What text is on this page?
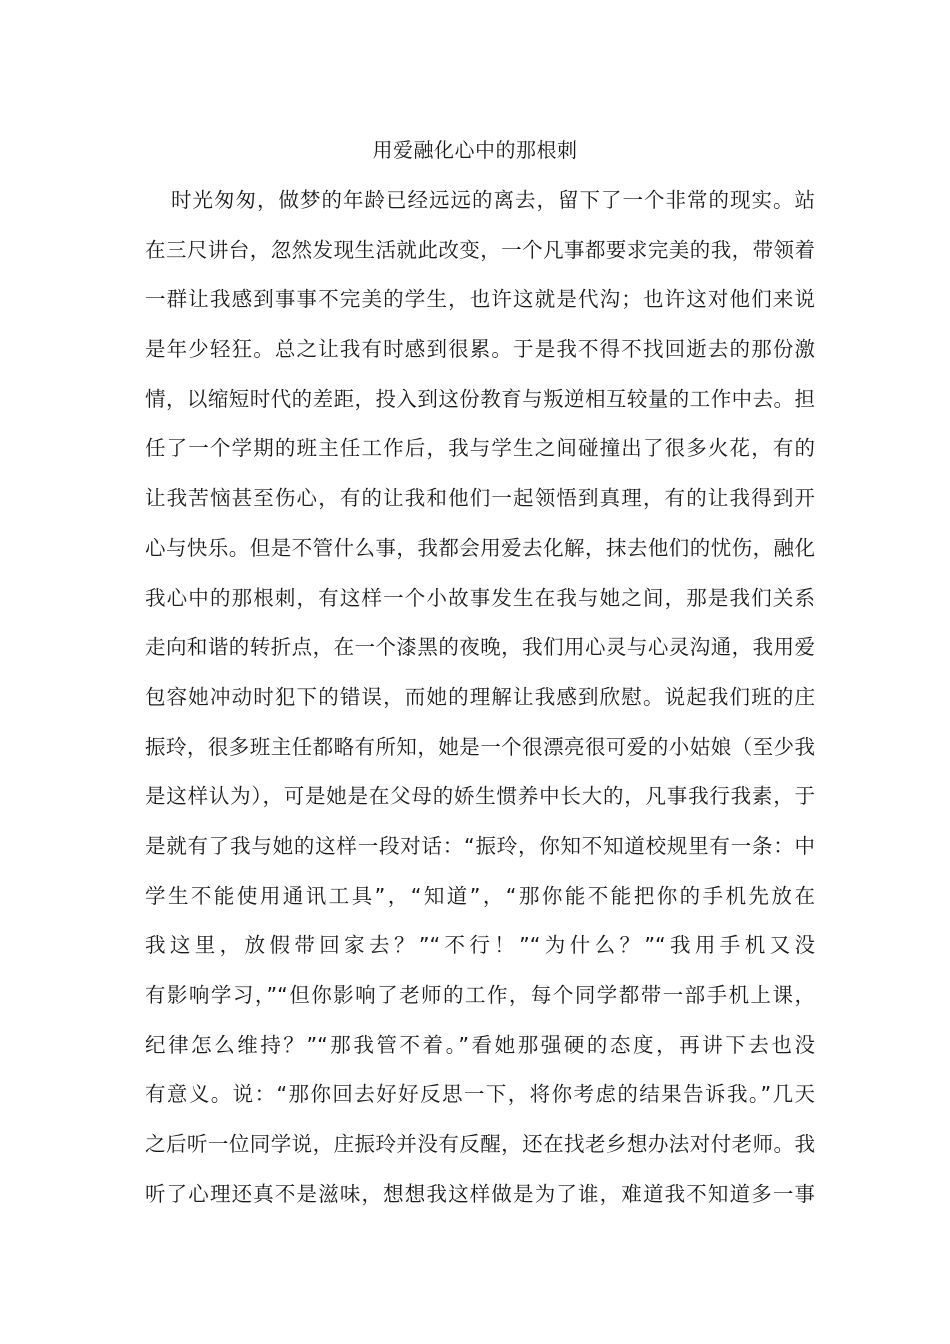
用爱融化心中的那根刺
时光匆匆，做梦的年龄已经远远的离去，留下了一个非常的现实。站
在三尺讲台，忽然发现生活就此改变，一个凡事都要求完美的我，带领着
一群让我感到事事不完美的学生，也许这就是代沟；也许这对他们来说
是年少轻狂。总之让我有时感到很累。于是我不得不找回逝去的那份激
情，以缩短时代的差距，投入到这份教育与叛逆相互较量的工作中去。担
任了一个学期的班主任工作后，我与学生之间碰撞出了很多火花，有的
让我苦恼甚至伤心，有的让我和他们一起领悟到真理，有的让我得到开
心与快乐。但是不管什么事，我都会用爱去化解，抹去他们的忧伤，融化
我心中的那根刺，有这样一个小故事发生在我与她之间，那是我们关系
走向和谐的转折点，在一个漆黑的夜晚，我们用心灵与心灵沟通，我用爱
包容她冲动时犯下的错误，而她的理解让我感到欣慰。说起我们班的庄
振玲，很多班主任都略有所知，她是一个很漂亮很可爱的小姑娘（至少我
是这样认为），可是她是在父母的娇生惯养中长大的，凡事我行我素，于
是就有了我与她的这样一段对话：“振玲，你知不知道校规里有一条：中
学生不能使用通讯工具”，“知道”，“那你能不能把你的手机先放在
我这里，放假带回家去？”“不行！”“为什么？”“我用手机又没
有影响学习，”“但你影响了老师的工作，每个同学都带一部手机上课，
纪律怎么维持？”“那我管不着。”看她那强硬的态度，再讲下去也没
有意义。说：“那你回去好好反思一下，将你考虑的结果告诉我。”几天
之后听一位同学说，庄振玲并没有反醒，还在找老乡想办法对付老师。我
听了心理还真不是滋味，想想我这样做是为了谁，难道我不知道多一事
